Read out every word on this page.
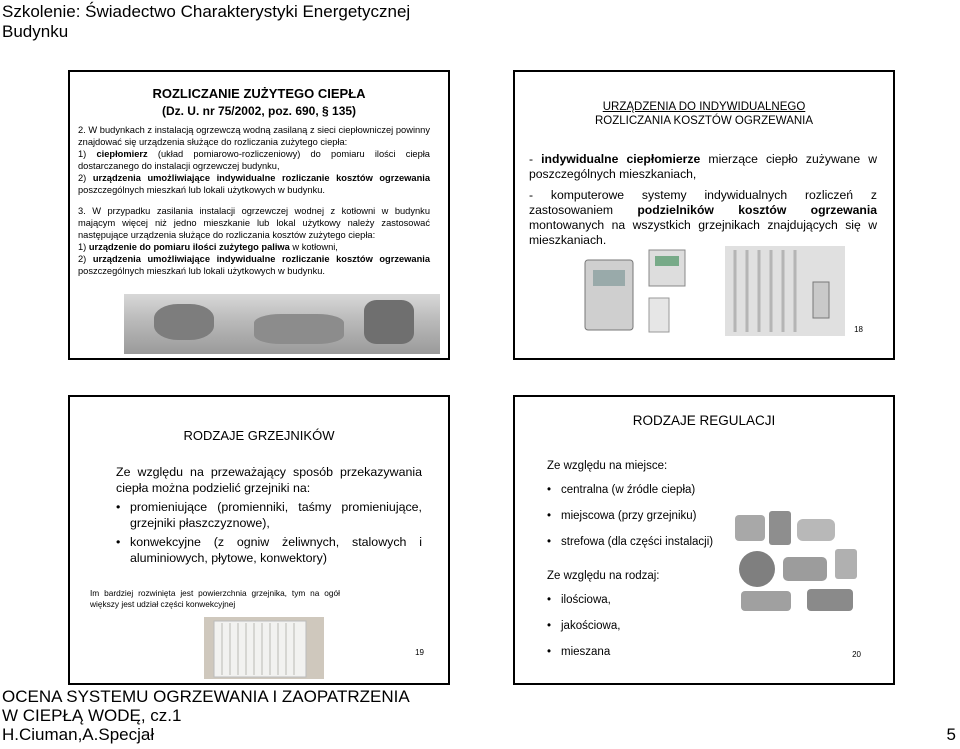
Szkolenie: Świadectwo Charakterystyki Energetycznej Budynku
ROZLICZANIE ZUŻYTEGO CIEPŁA
(Dz. U. nr 75/2002, poz. 690, § 135)

2. W budynkach z instalacją ogrzewczą wodną zasilaną z sieci ciepłowniczej powinny znajdować się urządzenia służące do rozliczania zużytego ciepła:

1) ciepłomierz (układ pomiarowo-rozliczeniowy) do pomiaru ilości ciepła dostarczanego do instalacji ogrzewczej budynku,

2) urządzenia umożliwiające indywidualne rozliczanie kosztów ogrzewania poszczególnych mieszkań lub lokali użytkowych w budynku.

3. W przypadku zasilania instalacji ogrzewczej wodnej z kotłowni w budynku mającym więcej niż jedno mieszkanie lub lokal użytkowy należy zastosować następujące urządzenia służące do rozliczania kosztów zużytego ciepła:

1) urządzenie do pomiaru ilości zużytego paliwa w kotłowni,

2) urządzenia umożliwiające indywidualne rozliczanie kosztów ogrzewania poszczególnych mieszkań lub lokali użytkowych w budynku.

URZĄDZENIA DO INDYWIDUALNEGO
ROZLICZANIA KOSZTÓW OGRZEWANIA
- indywidualne ciepłomierze mierzące ciepło zużywane w poszczególnych mieszkaniach,
- komputerowe systemy indywidualnych rozliczeń z zastosowaniem podzielników kosztów ogrzewania montowanych na wszystkich grzejnikach znajdujących się w mieszkaniach.
18
RODZAJE GRZEJNIKÓW

Ze względu na przeważający sposób przekazywania ciepła można podzielić grzejniki na:

• promieniujące (promienniki, taśmy promieniujące, grzejniki płaszczyznowe),
• konwekcyjne (z ogniw żeliwnych, stalowych i aluminiowych, płytowe, konwektory)
Im bardziej rozwinięta jest powierzchnia grzejnika, tym na ogół większy jest udział części konwekcyjnej
19
RODZAJE REGULACJI
Ze względu na miejsce:
• centralna (w źródle ciepła)
• miejscowa (przy grzejniku)
• strefowa (dla części instalacji)
Ze względu na rodzaj:
• ilościowa,
• jakościowa,
• mieszana	20
OCENA SYSTEMU OGRZEWANIA I ZAOPATRZENIA
W CIEPŁĄ WODĘ, cz.1
H.Ciuman,A.Specjał	5
